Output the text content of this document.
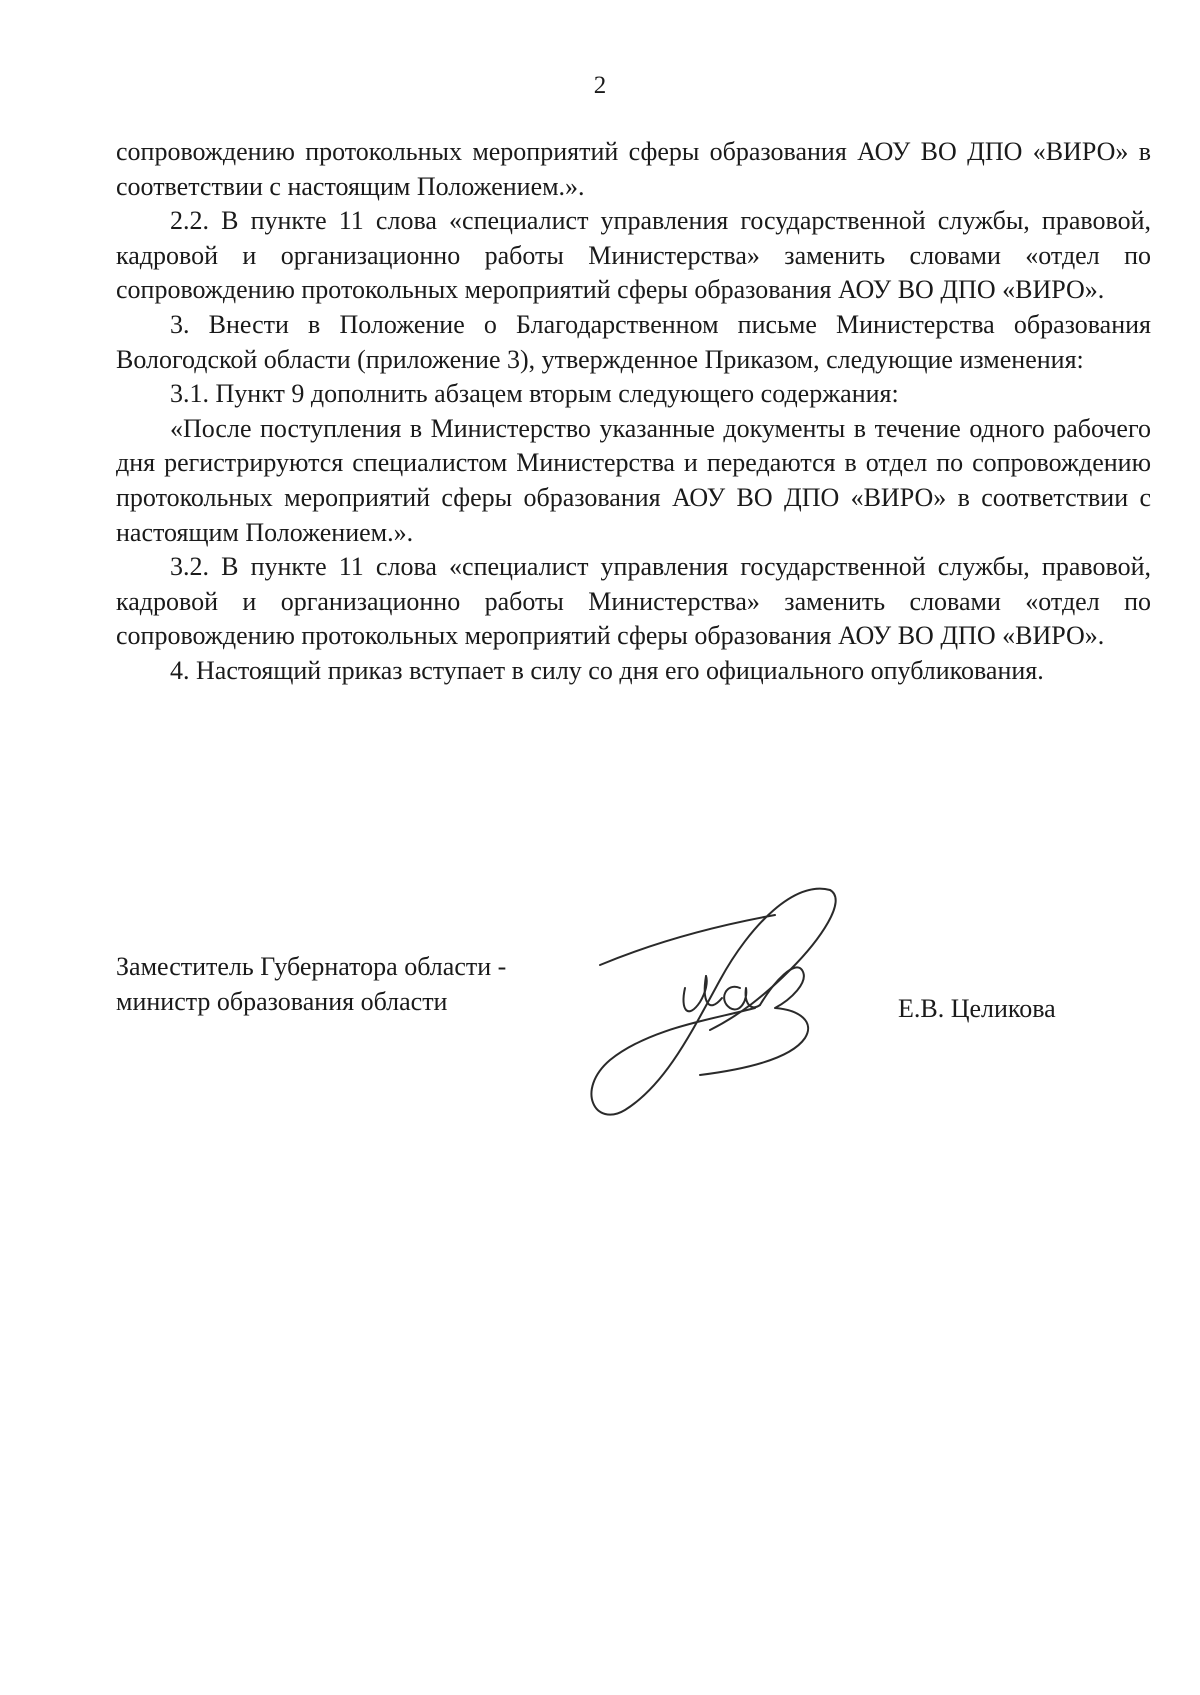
2

сопровождению протокольных мероприятий сферы образования АОУ ВО ДПО «ВИРО» в соответствии с настоящим Положением.».

2.2. В пункте 11 слова «специалист управления государственной службы, правовой, кадровой и организационно работы Министерства» заменить словами «отдел по сопровождению протокольных мероприятий сферы образования АОУ ВО ДПО «ВИРО».

3. Внести в Положение о Благодарственном письме Министерства образования Вологодской области (приложение 3), утвержденное Приказом, следующие изменения:

3.1. Пункт 9 дополнить абзацем вторым следующего содержания:

«После поступления в Министерство указанные документы в течение одного рабочего дня регистрируются специалистом Министерства и передаются в отдел по сопровождению протокольных мероприятий сферы образования АОУ ВО ДПО «ВИРО» в соответствии с настоящим Положением.».

3.2. В пункте 11 слова «специалист управления государственной службы, правовой, кадровой и организационно работы Министерства» заменить словами «отдел по сопровождению протокольных мероприятий сферы образования АОУ ВО ДПО «ВИРО».

4. Настоящий приказ вступает в силу со дня его официального опубликования.

Заместитель Губернатора области -
министр образования области	Е.В. Целикова
